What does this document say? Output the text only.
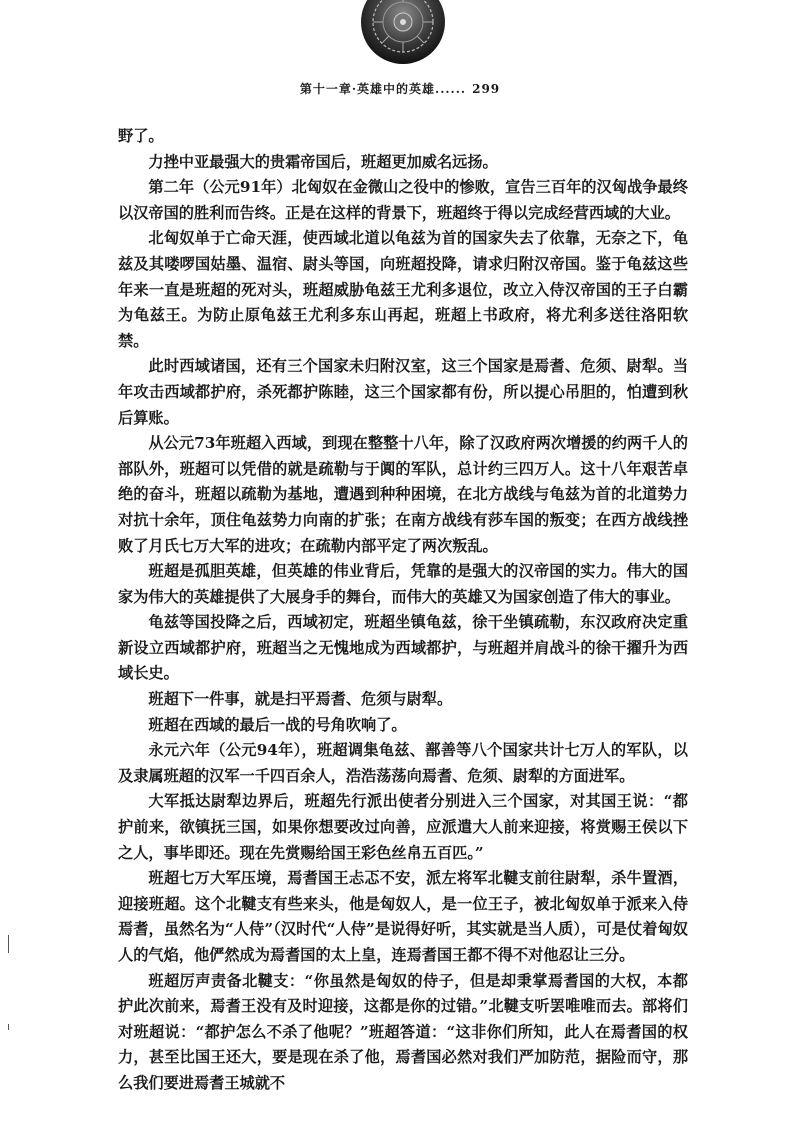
第十一章·英雄中的英雄...... 299

野了。

力挫中亚最强大的贵霜帝国后，班超更加威名远扬。

第二年（公元91年）北匈奴在金微山之役中的惨败，宣告三百年的汉匈战争最终以汉帝国的胜利而告终。正是在这样的背景下，班超终于得以完成经营西域的大业。

北匈奴单于亡命天涯，使西域北道以龟兹为首的国家失去了依靠，无奈之下，龟兹及其喽啰国姑墨、温宿、尉头等国，向班超投降，请求归附汉帝国。鉴于龟兹这些年来一直是班超的死对头，班超威胁龟兹王尤利多退位，改立入侍汉帝国的王子白霸为龟兹王。为防止原龟兹王尤利多东山再起，班超上书政府，将尤利多送往洛阳软禁。

此时西域诸国，还有三个国家未归附汉室，这三个国家是焉耆、危须、尉犁。当年攻击西域都护府，杀死都护陈睦，这三个国家都有份，所以提心吊胆的，怕遭到秋后算账。

从公元73年班超入西域，到现在整整十八年，除了汉政府两次增援的约两千人的部队外，班超可以凭借的就是疏勒与于阗的军队，总计约三四万人。这十八年艰苦卓绝的奋斗，班超以疏勒为基地，遭遇到种种困境，在北方战线与龟兹为首的北道势力对抗十余年，顶住龟兹势力向南的扩张；在南方战线有莎车国的叛变；在西方战线挫败了月氏七万大军的进攻；在疏勒内部平定了两次叛乱。

班超是孤胆英雄，但英雄的伟业背后，凭靠的是强大的汉帝国的实力。伟大的国家为伟大的英雄提供了大展身手的舞台，而伟大的英雄又为国家创造了伟大的事业。

龟兹等国投降之后，西域初定，班超坐镇龟兹，徐干坐镇疏勒，东汉政府决定重新设立西域都护府，班超当之无愧地成为西域都护，与班超并肩战斗的徐干擢升为西域长史。

班超下一件事，就是扫平焉耆、危须与尉犁。

班超在西域的最后一战的号角吹响了。

永元六年（公元94年），班超调集龟兹、鄯善等八个国家共计七万人的军队，以及隶属班超的汉军一千四百余人，浩浩荡荡向焉耆、危须、尉犁的方面进军。

大军抵达尉犁边界后，班超先行派出使者分别进入三个国家，对其国王说：“都护前来，欲镇抚三国，如果你想要改过向善，应派遣大人前来迎接，将赏赐王侯以下之人，事毕即还。现在先赏赐给国王彩色丝帛五百匹。”

班超七万大军压境，焉耆国王忐忑不安，派左将军北鞬支前往尉犁，杀牛置酒，迎接班超。这个北鞬支有些来头，他是匈奴人，是一位王子，被北匈奴单于派来入侍焉耆，虽然名为“人侍”（汉时代“人侍”是说得好听，其实就是当人质），可是仗着匈奴人的气焰，他俨然成为焉耆国的太上皇，连焉耆国王都不得不对他忍让三分。

班超厉声责备北鞬支：“你虽然是匈奴的侍子，但是却秉掌焉耆国的大权，本都护此次前来，焉耆王没有及时迎接，这都是你的过错。”北鞬支听罢唯唯而去。部将们对班超说：“都护怎么不杀了他呢？”班超答道：“这非你们所知，此人在焉耆国的权力，甚至比国王还大，要是现在杀了他，焉耆国必然对我们严加防范，据险而守，那么我们要进焉耆王城就不
